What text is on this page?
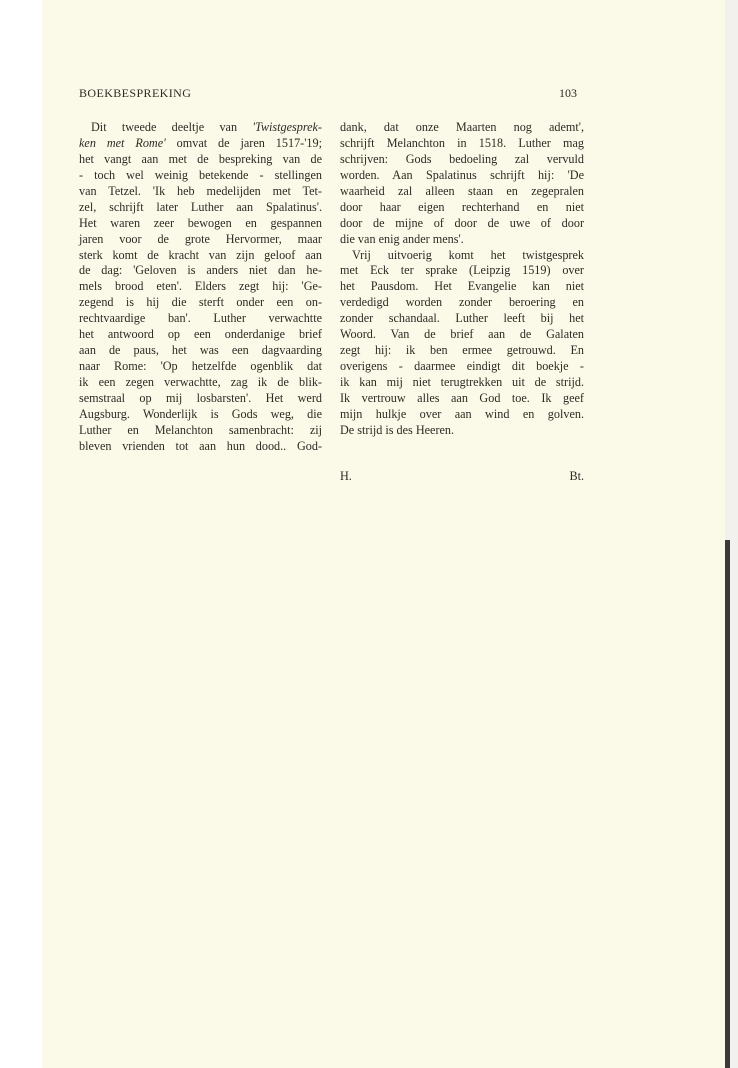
BOEKBESPREKING	103
Dit tweede deeltje van 'Twistgesprek-
ken met Rome' omvat de jaren 1517-'19;
het vangt aan met de bespreking van de
- toch wel weinig betekende - stellingen
van Tetzel. 'Ik heb medelijden met Tet-
zel, schrijft later Luther aan Spalatinus'.
Het waren zeer bewogen en gespannen
jaren voor de grote Hervormer, maar
sterk komt de kracht van zijn geloof aan
de dag: 'Geloven is anders niet dan he-
mels brood eten'. Elders zegt hij: 'Ge-
zegend is hij die sterft onder een on-
rechtvaardige ban'. Luther verwachtte
het antwoord op een onderdanige brief
aan de paus, het was een dagvaarding
naar Rome: 'Op hetzelfde ogenblik dat
ik een zegen verwachtte, zag ik de blik-
semstraal op mij losbarsten'. Het werd
Augsburg. Wonderlijk is Gods weg, die
Luther en Melanchton samenbracht: zij
bleven vrienden tot aan hun dood.. God-
dank, dat onze Maarten nog ademt',
schrijft Melanchton in 1518. Luther mag
schrijven: Gods bedoeling zal vervuld
worden. Aan Spalatinus schrijft hij: 'De
waarheid zal alleen staan en zegepralen
door haar eigen rechterhand en niet
door de mijne of door de uwe of door
die van enig ander mens'.
Vrij uitvoerig komt het twistgesprek
met Eck ter sprake (Leipzig 1519) over
het Pausdom. Het Evangelie kan niet
verdedigd worden zonder beroering en
zonder schandaal. Luther leeft bij het
Woord. Van de brief aan de Galaten
zegt hij: ik ben ermee getrouwd. En
overigens - daarmee eindigt dit boekje -
ik kan mij niet terugtrekken uit de strijd.
Ik vertrouw alles aan God toe. Ik geef
mijn hulkje over aan wind en golven.
De strijd is des Heeren.
H.	Bt.
